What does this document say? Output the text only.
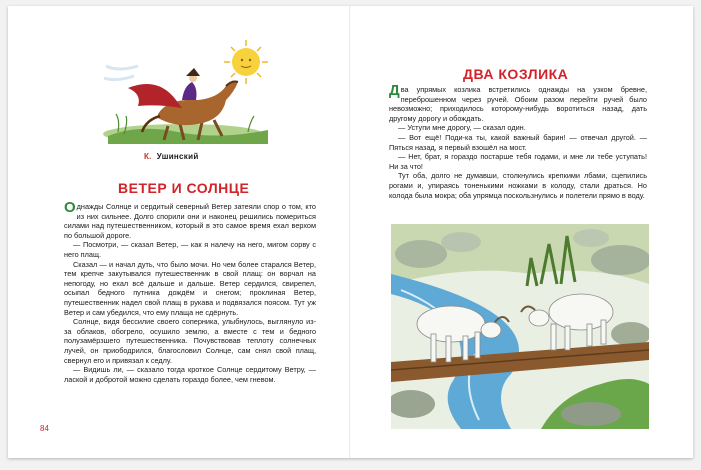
К. Ушинский
ВЕТЕР И СОЛНЦЕ

Однажды Солнце и сердитый северный Ветер затеяли спор о том, кто из них сильнее. Долго спорили они и наконец решились помериться силами над путешественником, который в это самое время ехал верхом по большой дороге.

— Посмотри, — сказал Ветер, — как я налечу на него, мигом сорву с него плащ.

Сказал — и начал дуть, что было мочи. Но чем более старался Ветер, тем крепче закутывался путешественник в свой плащ: он ворчал на непогоду, но ехал всё дальше и дальше. Ветер сердился, свирепел, осыпал бедного путника дождём и снегом; проклиная Ветер, путешественник надел свой плащ в рукава и подвязался поясом. Тут уж Ветер и сам убедился, что ему плаща не сдёрнуть.

Солнце, видя бессилие своего соперника, улыбнулось, выглянуло из-за облаков, обогрело, осушило землю, а вместе с тем и бедного полузамёрзшего путешественника. Почувствовав теплоту солнечных лучей, он приободрился, благословил Солнце, сам снял свой плащ, свернул его и привязал к седлу.

— Видишь ли, — сказало тогда кроткое Солнце сердитому Ветру, — лаской и добротой можно сделать гораздо более, чем гневом.

84
ДВА КОЗЛИКА

Два упрямых козлика встретились однажды на узком бревне, переброшенном через ручей. Обоим разом перейти ручей было невозможно; приходилось которому-нибудь воротиться назад, дать другому дорогу и обождать.

— Уступи мне дорогу, — сказал один.

— Вот ещё! Поди-ка ты, какой важный барин! — отвечал другой. — Пяться назад, я первый взошёл на мост.

— Нет, брат, я гораздо постарше тебя годами, и мне ли тебе уступать! Ни за что!

Тут оба, долго не думавши, столкнулись крепкими лбами, сцепились рогами и, упираясь тоненькими ножками в колоду, стали драться. Но колода была мокра; оба упрямца поскользнулись и полетели прямо в воду.
